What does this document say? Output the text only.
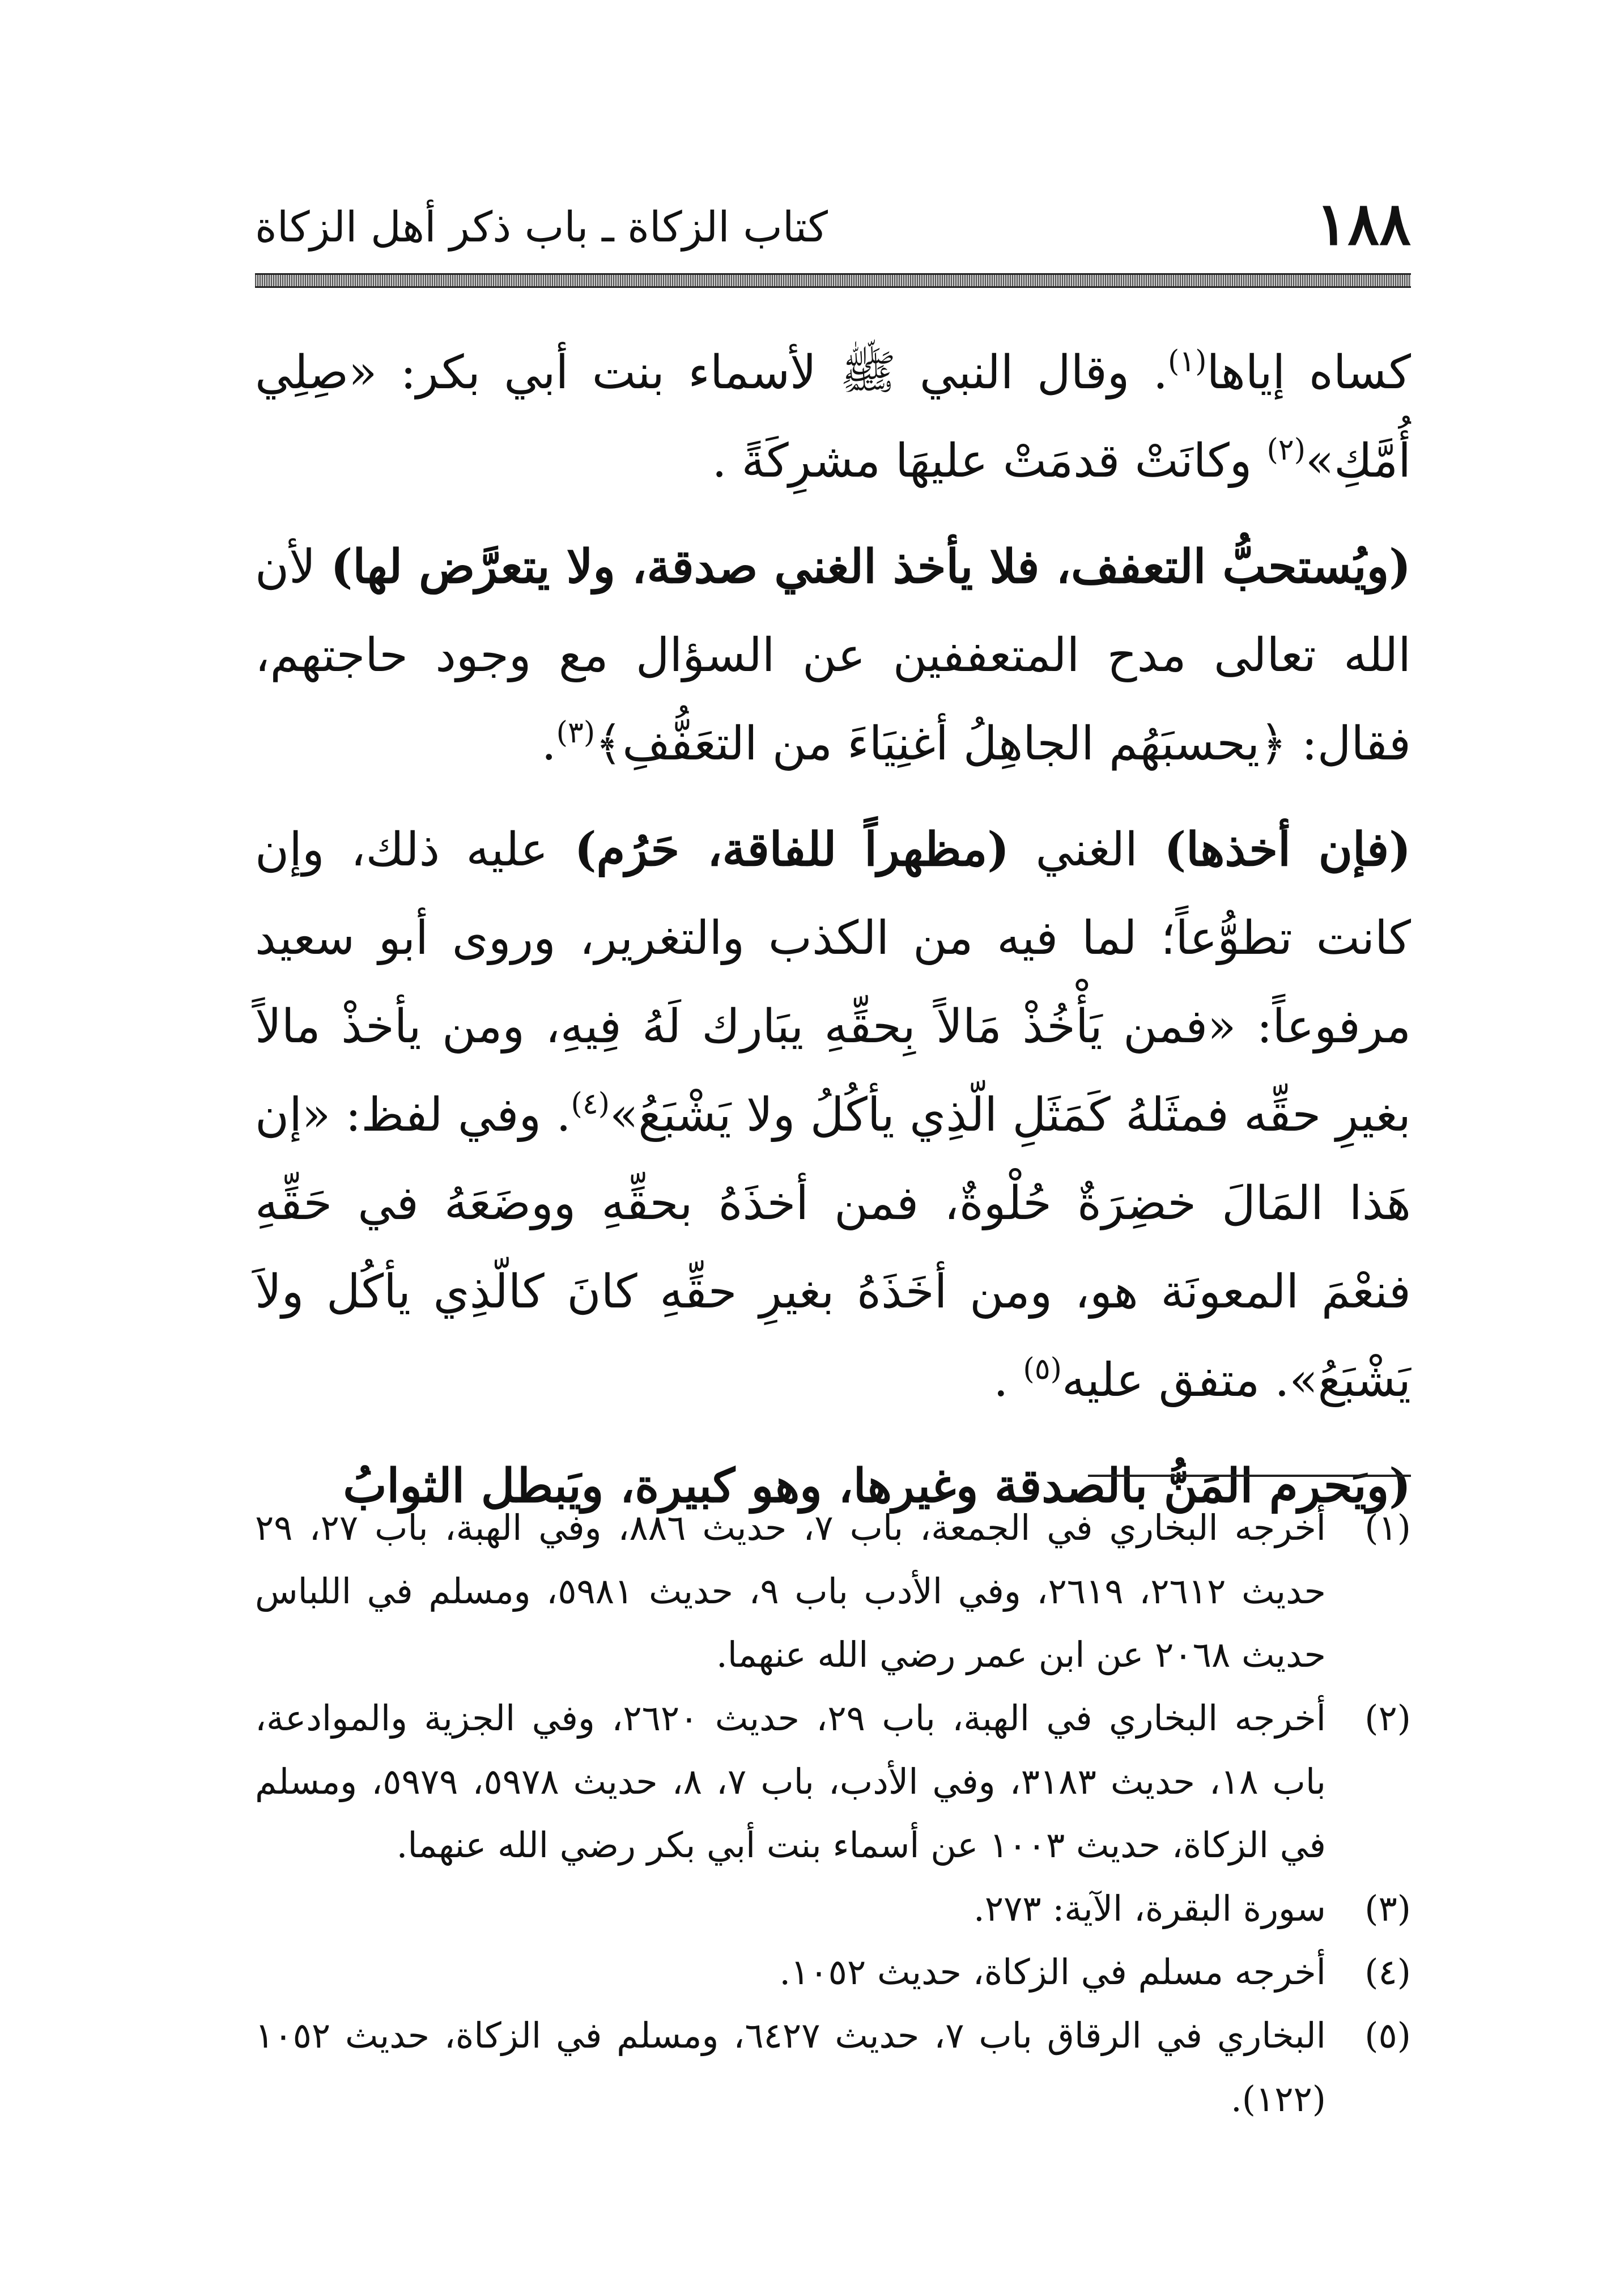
١٨٨
كتاب الزكاة ـ باب ذكر أهل الزكاة

كساه إياها$^{(١)}$. وقال النبي ﷺ لأسماء بنت أبي بكر: «صِلِي أُمَّكِ»$^{(٢)}$ وكانَتْ قدمَتْ عليهَا مشرِكَةً .

(ويُستحبُّ التعفف، فلا يأخذ الغني صدقة، ولا يتعرَّض لها) لأن الله تعالى مدح المتعففين عن السؤال مع وجود حاجتهم، فقال: ﴿يحسبَهُم الجاهِلُ أغنِيَاءَ من التعَفُّفِ﴾$^{(٣)}$.

(فإن أخذها) الغني (مظهراً للفاقة، حَرُم) عليه ذلك، وإن كانت تطوُّعاً؛ لما فيه من الكذب والتغرير، وروى أبو سعيد مرفوعاً: «فمن يَأْخُذْ مَالاً بِحقِّهِ يبَارك لَهُ فِيهِ، ومن يأخذْ مالاً بغيرِ حقِّه فمثَلهُ كَمَثَلِ الّذِي يأكُلُ ولا يَشْبَعُ»$^{(٤)}$. وفي لفظ: «إن هَذا المَالَ خضِرَةٌ حُلْوةٌ، فمن أخذَهُ بحقِّهِ ووضَعَهُ في حَقِّهِ فنعْمَ المعونَة هو، ومن أخَذَهُ بغيرِ حقِّهِ كانَ كالّذِي يأكُل ولاَ يَشْبَعُ». متفق عليه$^{(٥)}$ .

(ويَحرم المَنُّ بالصدقة وغيرها، وهو كبيرة، ويَبطل الثوابُ

(١)
أخرجه البخاري في الجمعة، باب ٧، حديث ٨٨٦، وفي الهبة، باب ٢٧، ٢٩ حديث ٢٦١٢، ٢٦١٩، وفي الأدب باب ٩، حديث ٥٩٨١، ومسلم في اللباس حديث ٢٠٦٨ عن ابن عمر رضي الله عنهما.
(٢)
أخرجه البخاري في الهبة، باب ٢٩، حديث ٢٦٢٠، وفي الجزية والموادعة، باب ١٨، حديث ٣١٨٣، وفي الأدب، باب ٧، ٨، حديث ٥٩٧٨، ٥٩٧٩، ومسلم في الزكاة، حديث ١٠٠٣ عن أسماء بنت أبي بكر رضي الله عنهما.
(٣)
سورة البقرة، الآية: ٢٧٣.
(٤)
أخرجه مسلم في الزكاة، حديث ١٠٥٢.
(٥)
البخاري في الرقاق باب ٧، حديث ٦٤٢٧، ومسلم في الزكاة، حديث ١٠٥٢ (١٢٢).
